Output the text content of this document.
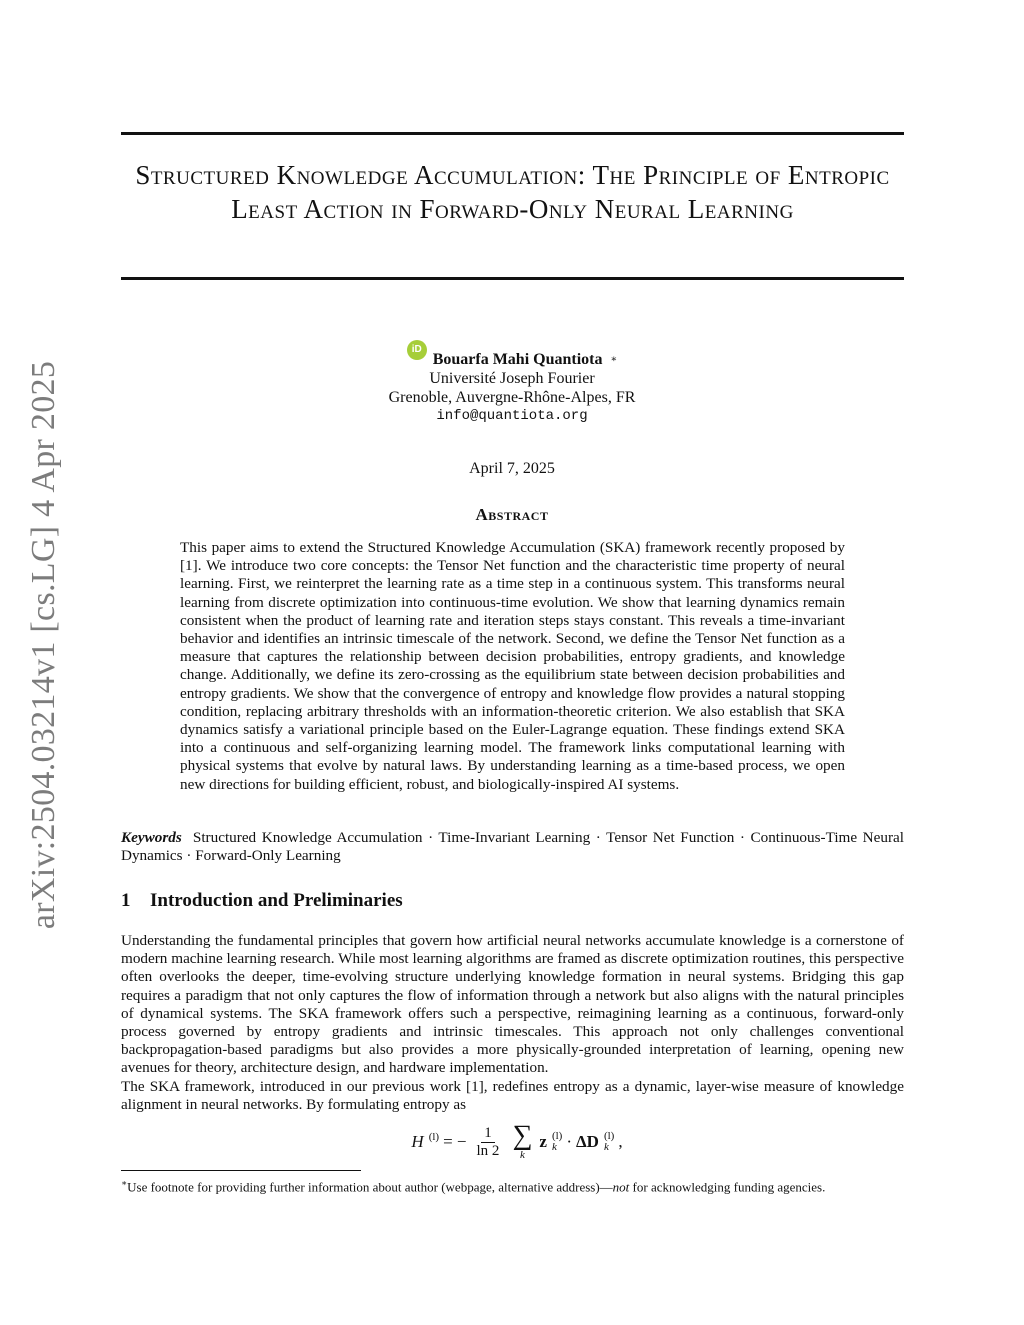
arXiv:2504.03214v1 [cs.LG] 4 Apr 2025
Structured Knowledge Accumulation: The Principle of Entropic Least Action in Forward-Only Neural Learning
iD
Bouarfa Mahi Quantiota ∗
Université Joseph Fourier
Grenoble, Auvergne-Rhône-Alpes, FR
info@quantiota.org
April 7, 2025
Abstract
This paper aims to extend the Structured Knowledge Accumulation (SKA) framework recently proposed by [1]. We introduce two core concepts: the Tensor Net function and the characteristic time property of neural learning. First, we reinterpret the learning rate as a time step in a continuous system. This transforms neural learning from discrete optimization into continuous-time evolution. We show that learning dynamics remain consistent when the product of learning rate and iteration steps stays constant. This reveals a time-invariant behavior and identifies an intrinsic timescale of the network. Second, we define the Tensor Net function as a measure that captures the relationship between decision probabilities, entropy gradients, and knowledge change. Additionally, we define its zero-crossing as the equilibrium state between decision probabilities and entropy gradients. We show that the convergence of entropy and knowledge flow provides a natural stopping condition, replacing arbitrary thresholds with an information-theoretic criterion. We also establish that SKA dynamics satisfy a variational principle based on the Euler-Lagrange equation. These findings extend SKA into a continuous and self-organizing learning model. The framework links computational learning with physical systems that evolve by natural laws. By understanding learning as a time-based process, we open new directions for building efficient, robust, and biologically-inspired AI systems.
Keywords Structured Knowledge Accumulation · Time-Invariant Learning · Tensor Net Function · Continuous-Time Neural Dynamics · Forward-Only Learning
1 Introduction and Preliminaries

Understanding the fundamental principles that govern how artificial neural networks accumulate knowledge is a cornerstone of modern machine learning research. While most learning algorithms are framed as discrete optimization routines, this perspective often overlooks the deeper, time-evolving structure underlying knowledge formation in neural systems. Bridging this gap requires a paradigm that not only captures the flow of information through a network but also aligns with the natural principles of dynamical systems. The SKA framework offers such a perspective, reimagining learning as a continuous, forward-only process governed by entropy gradients and intrinsic timescales. This approach not only challenges conventional backpropagation-based paradigms but also provides a more physically-grounded interpretation of learning, opening new avenues for theory, architecture design, and hardware implementation.

The SKA framework, introduced in our previous work [1], redefines entropy as a dynamic, layer-wise measure of knowledge alignment in neural networks. By formulating entropy as

H (l) = − $\frac{1}{\ln 2}$ ∑
k
z (l)
k · ΔD (l)
k ,
∗Use footnote for providing further information about author (webpage, alternative address)—not for acknowledging funding agencies.
